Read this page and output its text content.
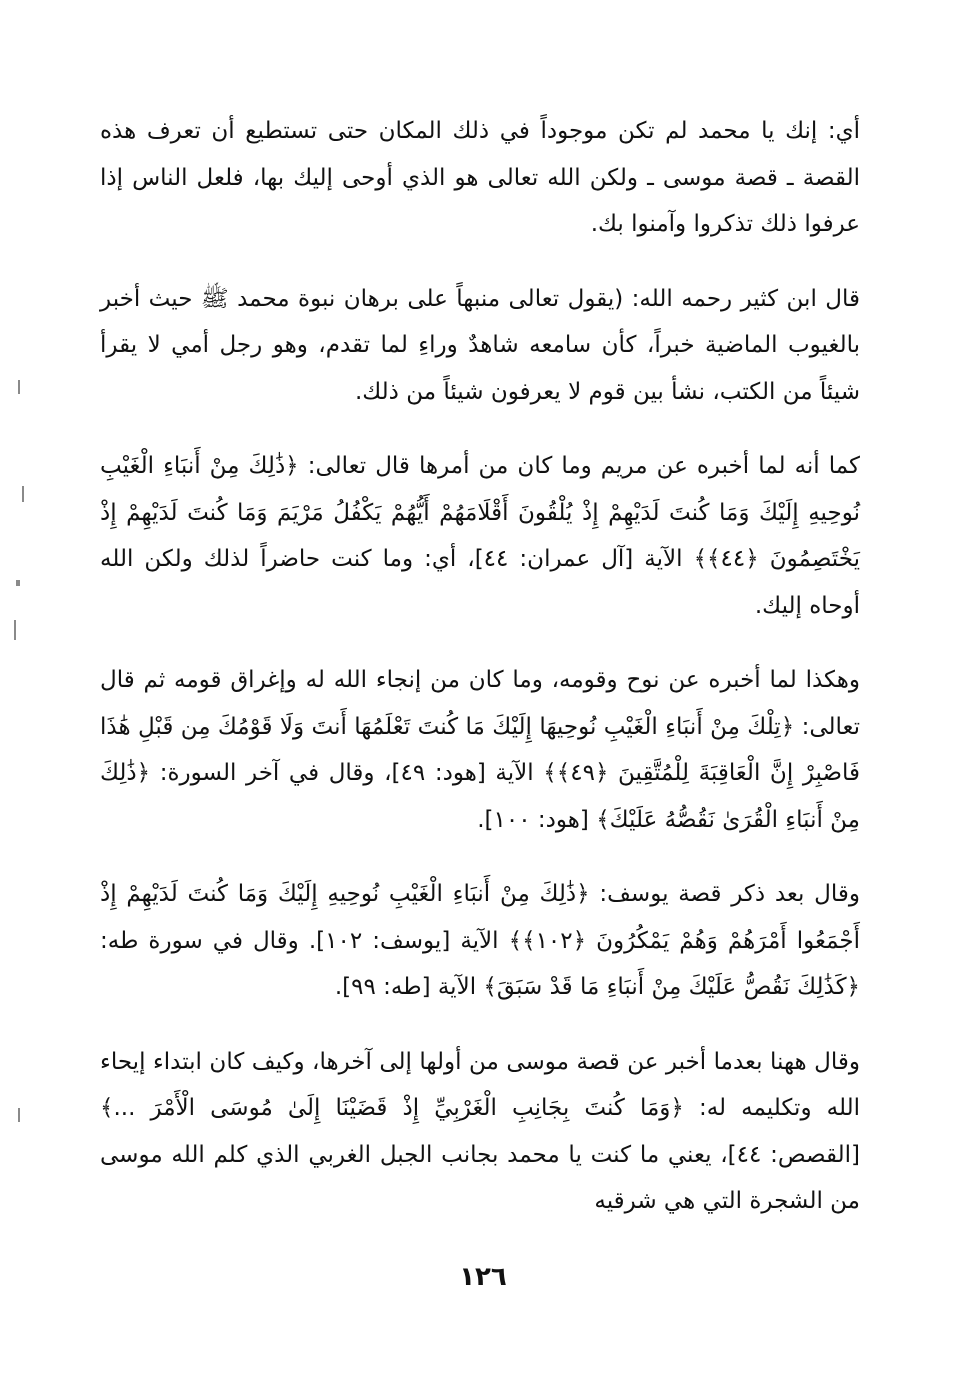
أي: إنك يا محمد لم تكن موجوداً في ذلك المكان حتى تستطيع أن تعرف هذه القصة ـ قصة موسى ـ ولكن الله تعالى هو الذي أوحى إليك بها، فلعل الناس إذا عرفوا ذلك تذكروا وآمنوا بك.

قال ابن كثير رحمه الله: (يقول تعالى منبهاً على برهان نبوة محمد ﷺ حيث أخبر بالغيوب الماضية خبراً، كأن سامعه شاهدٌ وراءِ لما تقدم، وهو رجل أمي لا يقرأ شيئاً من الكتب، نشأ بين قوم لا يعرفون شيئاً من ذلك.

كما أنه لما أخبره عن مريم وما كان من أمرها قال تعالى: ﴿ذَٰلِكَ مِنْ أَنبَاءِ الْغَيْبِ نُوحِيهِ إِلَيْكَ وَمَا كُنتَ لَدَيْهِمْ إِذْ يُلْقُونَ أَقْلَامَهُمْ أَيُّهُمْ يَكْفُلُ مَرْيَمَ وَمَا كُنتَ لَدَيْهِمْ إِذْ يَخْتَصِمُونَ ﴿٤٤﴾﴾ الآية [آل عمران: ٤٤]، أي: وما كنت حاضراً لذلك ولكن الله أوحاه إليك.

وهكذا لما أخبره عن نوح وقومه، وما كان من إنجاء الله له وإغراق قومه ثم قال تعالى: ﴿تِلْكَ مِنْ أَنبَاءِ الْغَيْبِ نُوحِيهَا إِلَيْكَ مَا كُنتَ تَعْلَمُهَا أَنتَ وَلَا قَوْمُكَ مِن قَبْلِ هَٰذَا فَاصْبِرْ إِنَّ الْعَاقِبَةَ لِلْمُتَّقِينَ ﴿٤٩﴾﴾ الآية [هود: ٤٩]، وقال في آخر السورة: ﴿ذَٰلِكَ مِنْ أَنبَاءِ الْقُرَىٰ نَقُصُّهُ عَلَيْكَ﴾ [هود: ١٠٠].

وقال بعد ذكر قصة يوسف: ﴿ذَٰلِكَ مِنْ أَنبَاءِ الْغَيْبِ نُوحِيهِ إِلَيْكَ وَمَا كُنتَ لَدَيْهِمْ إِذْ أَجْمَعُوا أَمْرَهُمْ وَهُمْ يَمْكُرُونَ ﴿١٠٢﴾﴾ الآية [يوسف: ١٠٢]. وقال في سورة طه: ﴿كَذَٰلِكَ نَقُصُّ عَلَيْكَ مِنْ أَنبَاءِ مَا قَدْ سَبَقَ﴾ الآية [طه: ٩٩].

وقال ههنا بعدما أخبر عن قصة موسى من أولها إلى آخرها، وكيف كان ابتداء إيحاء الله وتكليمه له: ﴿وَمَا كُنتَ بِجَانِبِ الْغَرْبِيِّ إِذْ قَضَيْنَا إِلَىٰ مُوسَى الْأَمْرَ ...﴾ [القصص: ٤٤]، يعني ما كنت يا محمد بجانب الجبل الغربي الذي كلم الله موسى من الشجرة التي هي شرقيه

١٢٦
